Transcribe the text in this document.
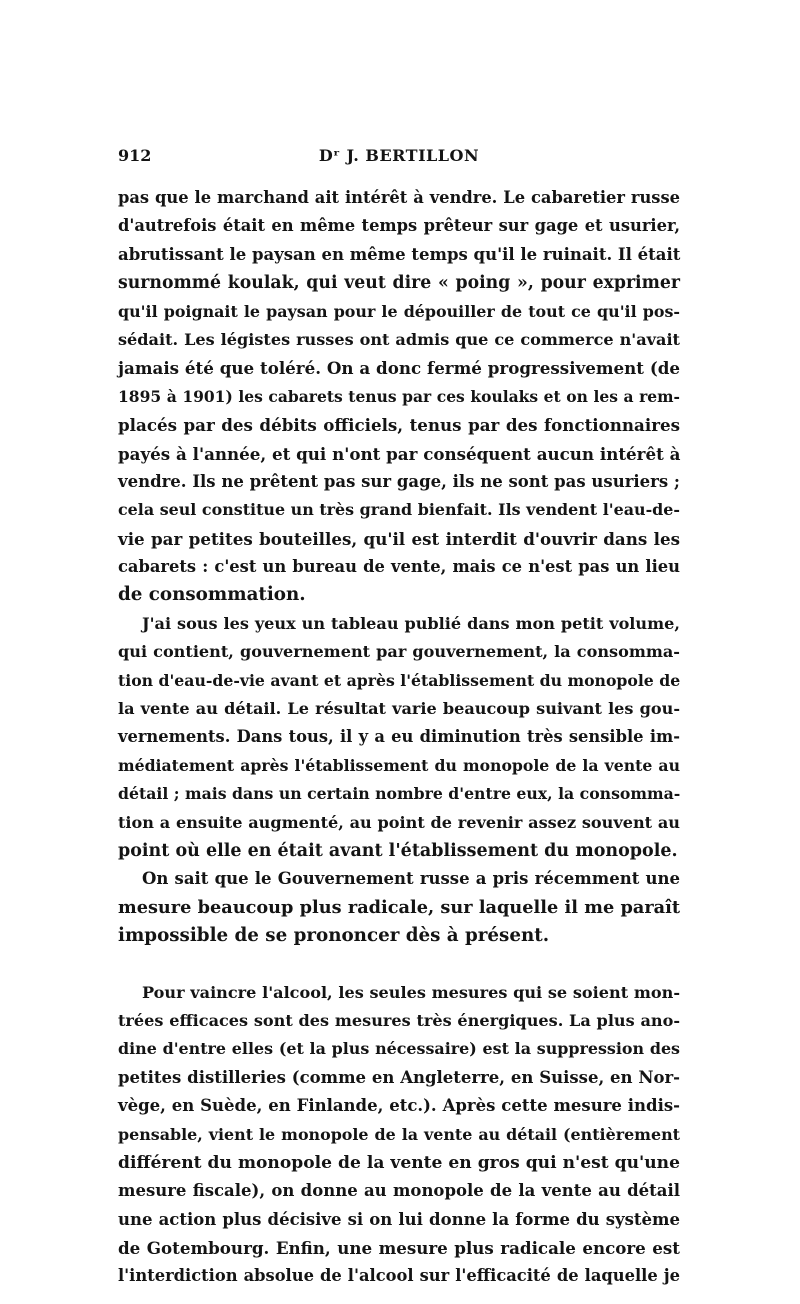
912	Dʳ J. BERTILLON
pas que le marchand ait intérêt à vendre. Le cabaretier russe
d'autrefois était en même temps prêteur sur gage et usurier,
abrutissant le paysan en même temps qu'il le ruinait. Il était
surnommé koulak, qui veut dire « poing », pour exprimer
qu'il poignait le paysan pour le dépouiller de tout ce qu'il pos-
sédait. Les légistes russes ont admis que ce commerce n'avait
jamais été que toléré. On a donc fermé progressivement (de
1895 à 1901) les cabarets tenus par ces koulaks et on les a rem-
placés par des débits officiels, tenus par des fonctionnaires
payés à l'année, et qui n'ont par conséquent aucun intérêt à
vendre. Ils ne prêtent pas sur gage, ils ne sont pas usuriers ;
cela seul constitue un très grand bienfait. Ils vendent l'eau-de-
vie par petites bouteilles, qu'il est interdit d'ouvrir dans les
cabarets : c'est un bureau de vente, mais ce n'est pas un lieu
de consommation.
J'ai sous les yeux un tableau publié dans mon petit volume,
qui contient, gouvernement par gouvernement, la consomma-
tion d'eau-de-vie avant et après l'établissement du monopole de
la vente au détail. Le résultat varie beaucoup suivant les gou-
vernements. Dans tous, il y a eu diminution très sensible im-
médiatement après l'établissement du monopole de la vente au
détail ; mais dans un certain nombre d'entre eux, la consomma-
tion a ensuite augmenté, au point de revenir assez souvent au
point où elle en était avant l'établissement du monopole.
On sait que le Gouvernement russe a pris récemment une
mesure beaucoup plus radicale, sur laquelle il me paraît
impossible de se prononcer dès à présent.
Pour vaincre l'alcool, les seules mesures qui se soient mon-
trées efficaces sont des mesures très énergiques. La plus ano-
dine d'entre elles (et la plus nécessaire) est la suppression des
petites distilleries (comme en Angleterre, en Suisse, en Nor-
vège, en Suède, en Finlande, etc.). Après cette mesure indis-
pensable, vient le monopole de la vente au détail (entièrement
différent du monopole de la vente en gros qui n'est qu'une
mesure fiscale), on donne au monopole de la vente au détail
une action plus décisive si on lui donne la forme du système
de Gotembourg. Enfin, une mesure plus radicale encore est
l'interdiction absolue de l'alcool sur l'efficacité de laquelle je
